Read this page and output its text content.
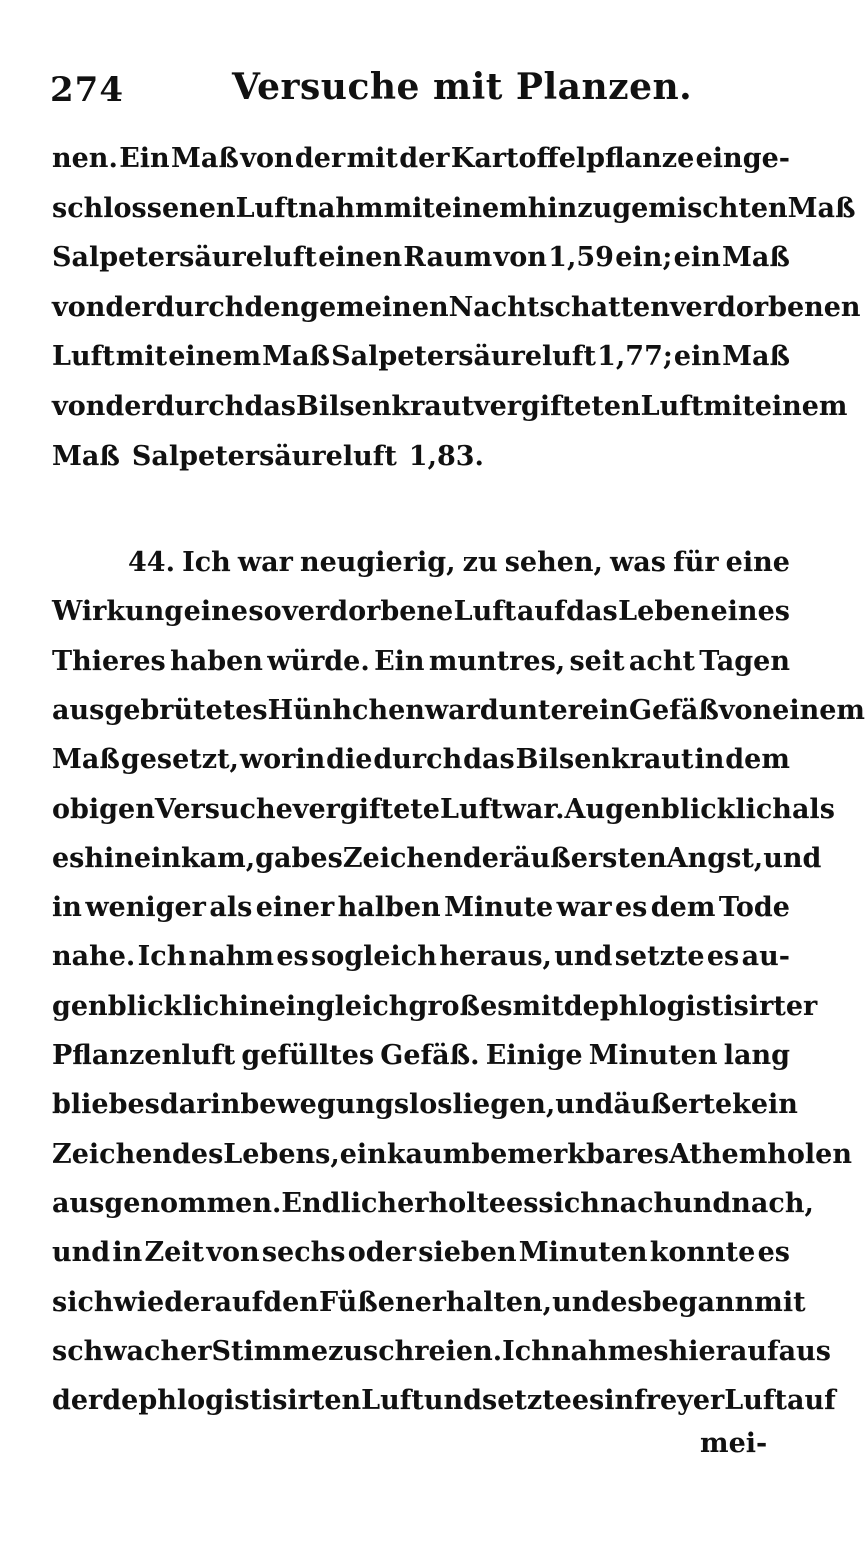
274	Versuche mit Planzen.
nen. Ein Maß von der mit der Kartoffelpflanze einge-
schlossenen Luft nahm mit einem hinzugemischten Maß
Salpetersäureluft einen Raum von 1,59 ein; ein Maß
von der durch den gemeinen Nachtschatten verdorbenen
Luft mit einem Maß Salpetersäureluft 1,77; ein Maß
von der durch das Bilsenkraut vergifteten Luft mit einem
Maß Salpetersäureluft 1,83.
44. Ich war neugierig, zu sehen, was für eine
Wirkung eine so verdorbene Luft auf das Leben eines
Thieres haben würde. Ein muntres, seit acht Tagen
ausgebrütetes Hünhchen ward unter ein Gefäß von einem
Maß gesetzt, worin die durch das Bilsenkraut in dem
obigen Versuche vergiftete Luft war. Augenblicklich als
es hineinkam, gab es Zeichen der äußersten Angst, und
in weniger als einer halben Minute war es dem Tode
nahe. Ich nahm es sogleich heraus, und setzte es au-
genblicklich in ein gleich großes mit dephlogistisirter
Pflanzenluft gefülltes Gefäß. Einige Minuten lang
blieb es darin bewegungslos liegen, und äußerte kein
Zeichen des Lebens, ein kaum bemerkbares Athemholen
ausgenommen. Endlich erholte es sich nach und nach,
und in Zeit von sechs oder sieben Minuten konnte es
sich wieder auf den Füßen erhalten, und es begann mit
schwacher Stimme zu schreien. Ich nahm es hierauf aus
der dephlogistisirten Luft und setzte es in freyer Luft auf
mei-
